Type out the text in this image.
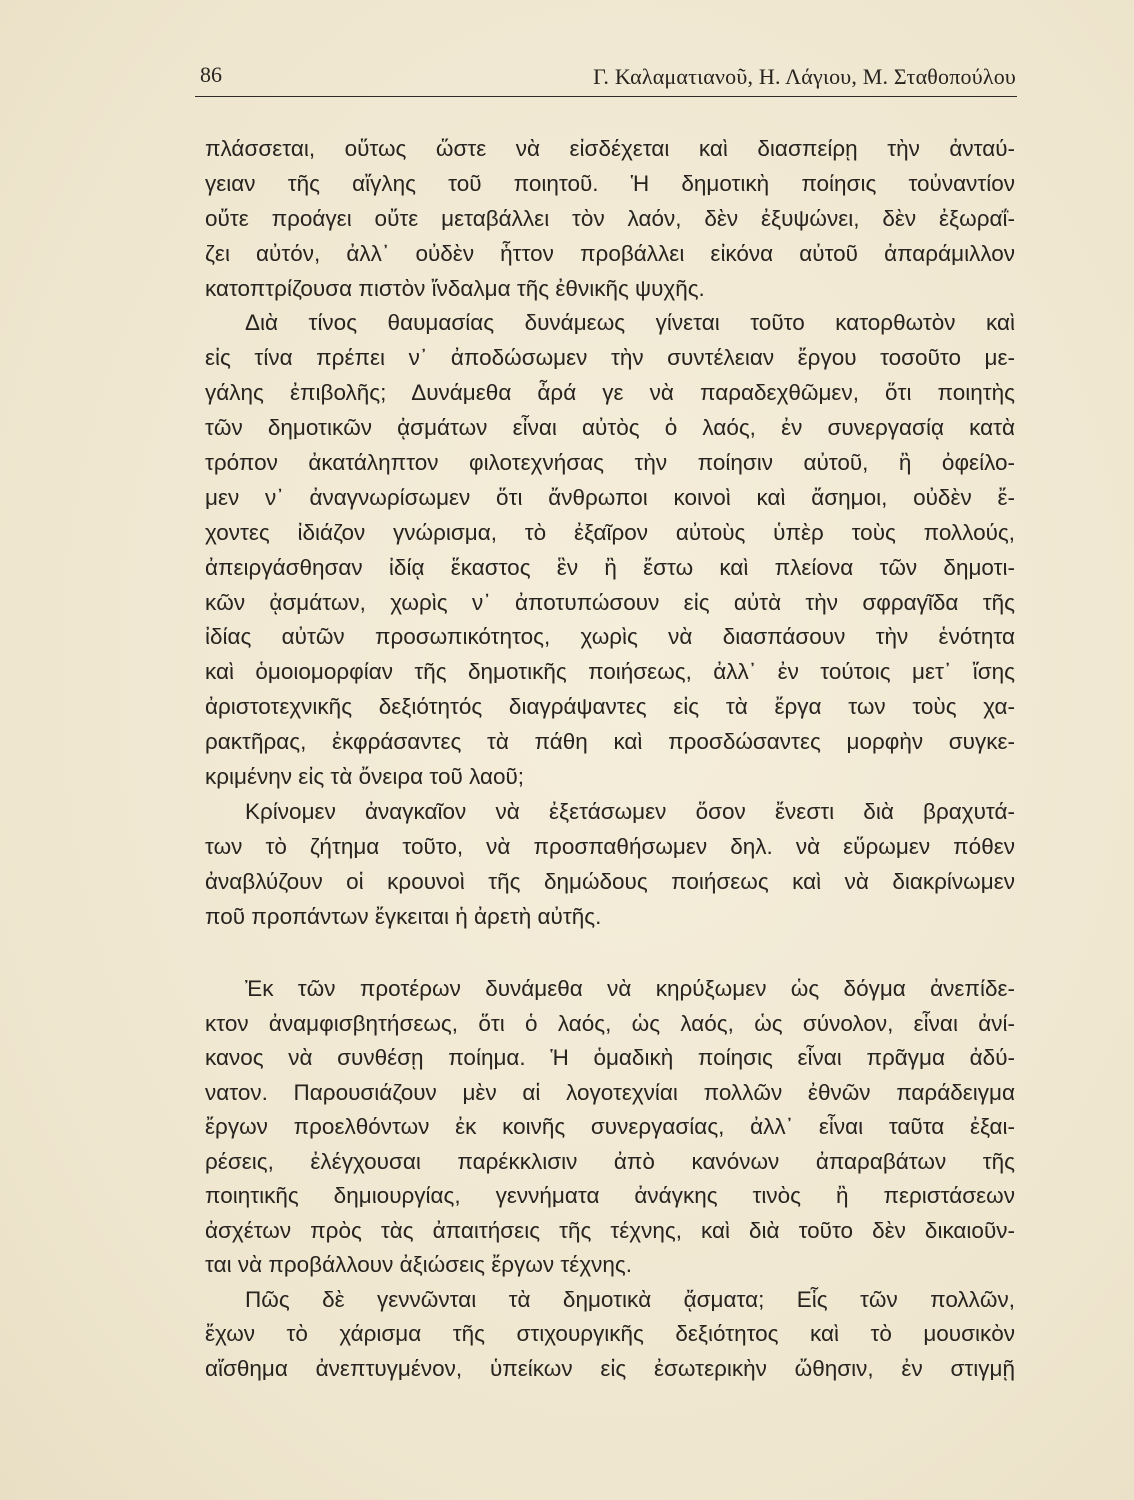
86	Γ. Καλαματιανοῦ, Η. Λάγιου, Μ. Σταθοπούλου
πλάσσεται, οὕτως ὥστε νὰ εἰσδέχεται καὶ διασπείρῃ τὴν ἀνταύ-
γειαν τῆς αἴγλης τοῦ ποιητοῦ. Ἡ δημοτικὴ ποίησις τοὐναντίον
οὔτε προάγει οὔτε μεταβάλλει τὸν λαόν, δὲν ἐξυψώνει, δὲν ἐξωραΐ-
ζει αὐτόν, ἀλλ᾽ οὐδὲν ἧττον προβάλλει εἰκόνα αὐτοῦ ἀπαράμιλλον
κατοπτρίζουσα πιστὸν ἴνδαλμα τῆς ἐθνικῆς ψυχῆς.
Διὰ τίνος θαυμασίας δυνάμεως γίνεται τοῦτο κατορθωτὸν καὶ
εἰς τίνα πρέπει ν᾽ ἀποδώσωμεν τὴν συντέλειαν ἔργου τοσοῦτο με-
γάλης ἐπιβολῆς; Δυνάμεθα ἆρά γε νὰ παραδεχθῶμεν, ὅτι ποιητὴς
τῶν δημοτικῶν ᾀσμάτων εἶναι αὐτὸς ὁ λαός, ἐν συνεργασίᾳ κατὰ
τρόπον ἀκατάληπτον φιλοτεχνήσας τὴν ποίησιν αὐτοῦ, ἢ ὀφείλο-
μεν ν᾽ ἀναγνωρίσωμεν ὅτι ἄνθρωποι κοινοὶ καὶ ἄσημοι, οὐδὲν ἔ-
χοντες ἰδιάζον γνώρισμα, τὸ ἐξαῖρον αὐτοὺς ὑπὲρ τοὺς πολλούς,
ἀπειργάσθησαν ἰδίᾳ ἕκαστος ἓν ἢ ἔστω καὶ πλείονα τῶν δημοτι-
κῶν ᾀσμάτων, χωρὶς ν᾽ ἀποτυπώσουν εἰς αὐτὰ τὴν σφραγῖδα τῆς
ἰδίας αὐτῶν προσωπικότητος, χωρὶς νὰ διασπάσουν τὴν ἑνότητα
καὶ ὁμοιομορφίαν τῆς δημοτικῆς ποιήσεως, ἀλλ᾽ ἐν τούτοις μετ᾽ ἴσης
ἀριστοτεχνικῆς δεξιότητός διαγράψαντες εἰς τὰ ἔργα των τοὺς χα-
ρακτῆρας, ἐκφράσαντες τὰ πάθη καὶ προσδώσαντες μορφὴν συγκε-
κριμένην εἰς τὰ ὄνειρα τοῦ λαοῦ;
Κρίνομεν ἀναγκαῖον νὰ ἐξετάσωμεν ὅσον ἔνεστι διὰ βραχυτά-
των τὸ ζήτημα τοῦτο, νὰ προσπαθήσωμεν δηλ. νὰ εὕρωμεν πόθεν
ἀναβλύζουν οἱ κρουνοὶ τῆς δημώδους ποιήσεως καὶ νὰ διακρίνωμεν
ποῦ προπάντων ἔγκειται ἡ ἀρετὴ αὐτῆς.
Ἐκ τῶν προτέρων δυνάμεθα νὰ κηρύξωμεν ὡς δόγμα ἀνεπίδε-
κτον ἀναμφισβητήσεως, ὅτι ὁ λαός, ὡς λαός, ὡς σύνολον, εἶναι ἀνί-
κανος νὰ συνθέσῃ ποίημα. Ἡ ὁμαδικὴ ποίησις εἶναι πρᾶγμα ἀδύ-
νατον. Παρουσιάζουν μὲν αἱ λογοτεχνίαι πολλῶν ἐθνῶν παράδειγμα
ἔργων προελθόντων ἐκ κοινῆς συνεργασίας, ἀλλ᾽ εἶναι ταῦτα ἐξαι-
ρέσεις, ἐλέγχουσαι παρέκκλισιν ἀπὸ κανόνων ἀπαραβάτων τῆς
ποιητικῆς δημιουργίας, γεννήματα ἀνάγκης τινὸς ἢ περιστάσεων
ἀσχέτων πρὸς τὰς ἀπαιτήσεις τῆς τέχνης, καὶ διὰ τοῦτο δὲν δικαιοῦν-
ται νὰ προβάλλουν ἀξιώσεις ἔργων τέχνης.
Πῶς δὲ γεννῶνται τὰ δημοτικὰ ᾄσματα; Εἷς τῶν πολλῶν,
ἔχων τὸ χάρισμα τῆς στιχουργικῆς δεξιότητος καὶ τὸ μουσικὸν
αἴσθημα ἀνεπτυγμένον, ὑπείκων εἰς ἐσωτερικὴν ὤθησιν, ἐν στιγμῇ
